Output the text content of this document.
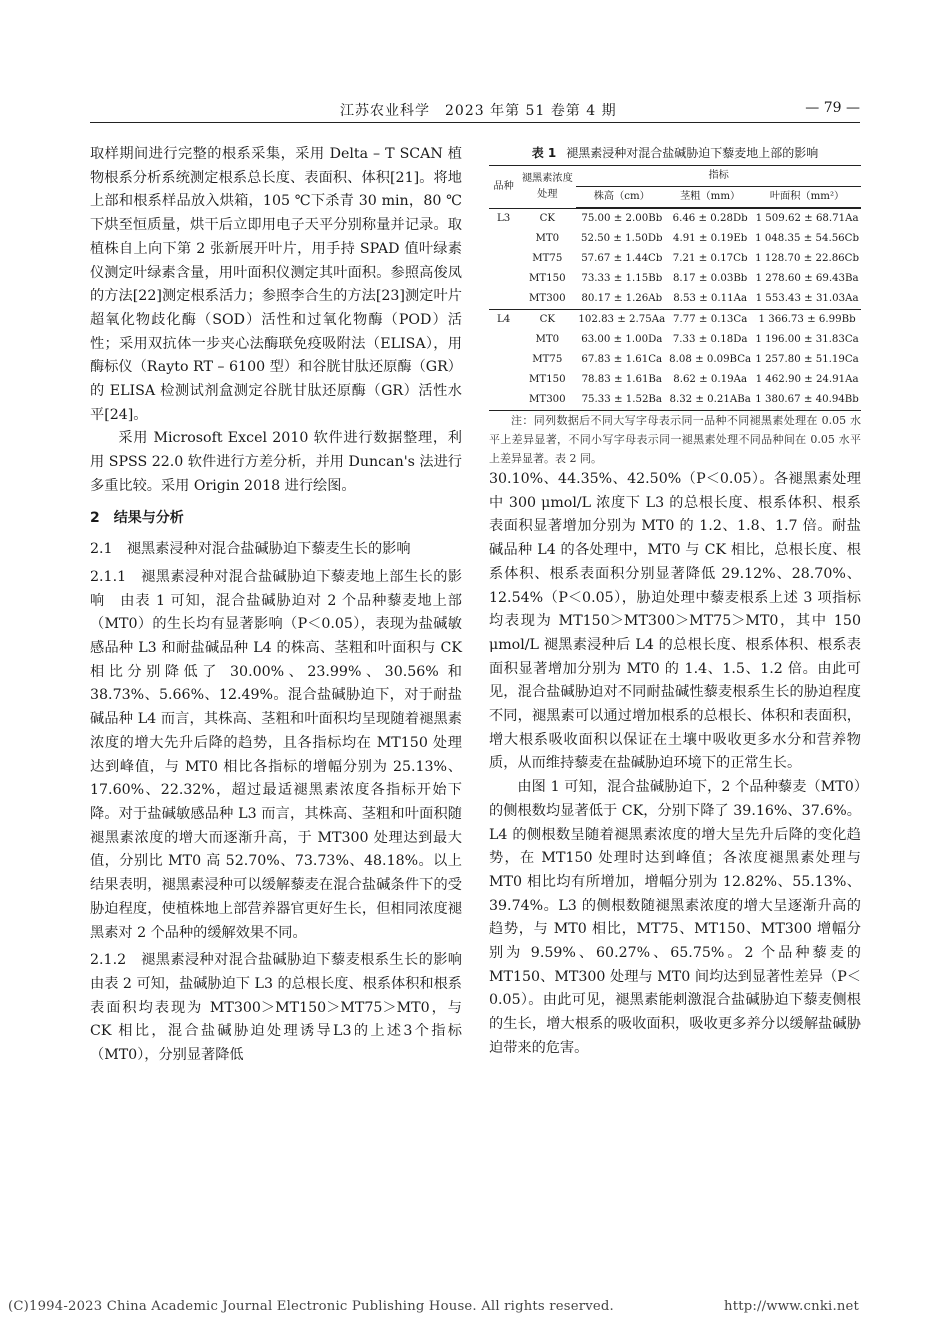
江苏农业科学　2023 年第 51 卷第 4 期	— 79 —

取样期间进行完整的根系采集，采用 Delta – T SCAN 植物根系分析系统测定根系总长度、表面积、体积[21]。将地上部和根系样品放入烘箱，105 ℃下杀青 30 min，80 ℃下烘至恒质量，烘干后立即用电子天平分别称量并记录。取植株自上向下第 2 张新展开叶片，用手持 SPAD 值叶绿素仪测定叶绿素含量，用叶面积仪测定其叶面积。参照高俊凤的方法[22]测定根系活力；参照李合生的方法[23]测定叶片超氧化物歧化酶（SOD）活性和过氧化物酶（POD）活性；采用双抗体一步夹心法酶联免疫吸附法（ELISA），用酶标仪（Rayto RT – 6100 型）和谷胱甘肽还原酶（GR）的 ELISA 检测试剂盒测定谷胱甘肽还原酶（GR）活性水平[24]。

采用 Microsoft Excel 2010 软件进行数据整理，利用 SPSS 22.0 软件进行方差分析，并用 Duncan's 法进行多重比较。采用 Origin 2018 进行绘图。

2　结果与分析

2.1　褪黑素浸种对混合盐碱胁迫下藜麦生长的影响

2.1.1　褪黑素浸种对混合盐碱胁迫下藜麦地上部生长的影响　 由表 1 可知，混合盐碱胁迫对 2 个品种藜麦地上部（MT0）的生长均有显著影响（P＜0.05），表现为盐碱敏感品种 L3 和耐盐碱品种 L4 的株高、茎粗和叶面积与 CK 相比分别降低了 30.00%、23.99%、30.56% 和 38.73%、5.66%、12.49%。混合盐碱胁迫下，对于耐盐碱品种 L4 而言，其株高、茎粗和叶面积均呈现随着褪黑素浓度的增大先升后降的趋势，且各指标均在 MT150 处理达到峰值，与 MT0 相比各指标的增幅分别为 25.13%、17.60%、22.32%，超过最适褪黑素浓度各指标开始下降。对于盐碱敏感品种 L3 而言，其株高、茎粗和叶面积随褪黑素浓度的增大而逐渐升高，于 MT300 处理达到最大值，分别比 MT0 高 52.70%、73.73%、48.18%。以上结果表明，褪黑素浸种可以缓解藜麦在混合盐碱条件下的受胁迫程度，使植株地上部营养器官更好生长，但相同浓度褪黑素对 2 个品种的缓解效果不同。

2.1.2　褪黑素浸种对混合盐碱胁迫下藜麦根系生长的影响　由表 2 可知，盐碱胁迫下 L3 的总根长度、根系体积和根系表面积均表现为 MT300＞MT150＞MT75＞MT0，与 CK 相比，混合盐碱胁迫处理诱导L3的上述3个指标（MT0），分别显著降低

表 1 褪黑素浸种对混合盐碱胁迫下藜麦地上部的影响
品种	褪黑素浓度处理	指标		
		株高（cm）	茎粗（mm）	叶面积（mm²）

L3	CK	75.00 ± 2.00Bb	6.46 ± 0.28Db	1 509.62 ± 68.71Aa
	MT0	52.50 ± 1.50Db	4.91 ± 0.19Eb	1 048.35 ± 54.56Cb
	MT75	57.67 ± 1.44Cb	7.21 ± 0.17Cb	1 128.70 ± 22.86Cb
	MT150	73.33 ± 1.15Bb	8.17 ± 0.03Bb	1 278.60 ± 69.43Ba
	MT300	80.17 ± 1.26Ab	8.53 ± 0.11Aa	1 553.43 ± 31.03Aa
L4	CK	102.83 ± 2.75Aa	7.77 ± 0.13Ca	1 366.73 ± 6.99Bb
	MT0	63.00 ± 1.00Da	7.33 ± 0.18Da	1 196.00 ± 31.83Ca
	MT75	67.83 ± 1.61Ca	8.08 ± 0.09BCa	1 257.80 ± 51.19Ca
	MT150	78.83 ± 1.61Ba	8.62 ± 0.19Aa	1 462.90 ± 24.91Aa
	MT300	75.33 ± 1.52Ba	8.32 ± 0.21ABa	1 380.67 ± 40.94Bb

注：同列数据后不同大写字母表示同一品种不同褪黑素处理在 0.05 水平上差异显著，不同小写字母表示同一褪黑素处理不同品种间在 0.05 水平上差异显著。表 2 同。

30.10%、44.35%、42.50%（P＜0.05）。各褪黑素处理中 300 μmol/L 浓度下 L3 的总根长度、根系体积、根系表面积显著增加分别为 MT0 的 1.2、1.8、1.7 倍。耐盐碱品种 L4 的各处理中，MT0 与 CK 相比，总根长度、根系体积、根系表面积分别显著降低 29.12%、28.70%、12.54%（P＜0.05），胁迫处理中藜麦根系上述 3 项指标均表现为 MT150＞MT300＞MT75＞MT0，其中 150 μmol/L 褪黑素浸种后 L4 的总根长度、根系体积、根系表面积显著增加分别为 MT0 的 1.4、1.5、1.2 倍。由此可见，混合盐碱胁迫对不同耐盐碱性藜麦根系生长的胁迫程度不同，褪黑素可以通过增加根系的总根长、体积和表面积，增大根系吸收面积以保证在土壤中吸收更多水分和营养物质，从而维持藜麦在盐碱胁迫环境下的正常生长。

由图 1 可知，混合盐碱胁迫下，2 个品种藜麦（MT0）的侧根数均显著低于 CK，分别下降了 39.16%、37.6%。L4 的侧根数呈随着褪黑素浓度的增大呈先升后降的变化趋势，在 MT150 处理时达到峰值；各浓度褪黑素处理与 MT0 相比均有所增加，增幅分别为 12.82%、55.13%、39.74%。L3 的侧根数随褪黑素浓度的增大呈逐渐升高的趋势，与 MT0 相比，MT75、MT150、MT300 增幅分别为 9.59%、60.27%、65.75%。2 个品种藜麦的 MT150、MT300 处理与 MT0 间均达到显著性差异（P＜0.05）。由此可见，褪黑素能刺激混合盐碱胁迫下藜麦侧根的生长，增大根系的吸收面积，吸收更多养分以缓解盐碱胁迫带来的危害。

(C)1994-2023 China Academic Journal Electronic Publishing House. All rights reserved.	http://www.cnki.net
